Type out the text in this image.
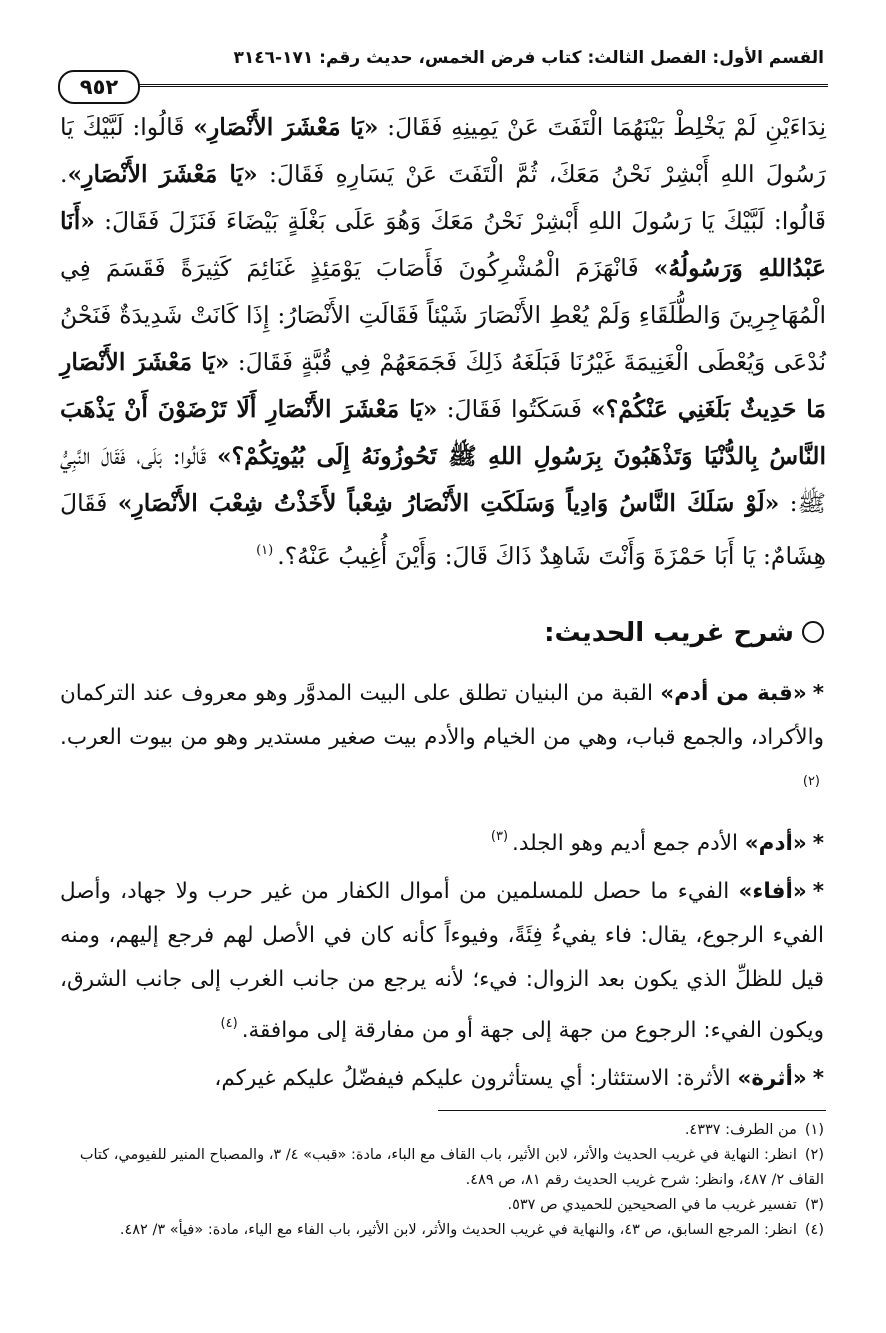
القسم الأول: الفصل الثالث: كتاب فرض الخمس، حديث رقم: ١٧١-٣١٤٦
٩٥٢

نِدَاءَيْنِ لَمْ يَخْلِطْ بَيْنَهُمَا الْتَفَتَ عَنْ يَمِينِهِ فَقَالَ: «يَا مَعْشَرَ الأَنْصَارِ» قَالُوا: لَبَّيْكَ يَا رَسُولَ اللهِ أَبْشِرْ نَحْنُ مَعَكَ، ثُمَّ الْتَفَتَ عَنْ يَسَارِهِ فَقَالَ: «يَا مَعْشَرَ الأَنْصَارِ». قَالُوا: لَبَّيْكَ يَا رَسُولَ اللهِ أَبْشِرْ نَحْنُ مَعَكَ وَهُوَ عَلَى بَغْلَةٍ بَيْضَاءَ فَنَزَلَ فَقَالَ: «أَنَا عَبْدُاللهِ وَرَسُولُهُ» فَانْهَزَمَ الْمُشْرِكُونَ فَأَصَابَ يَوْمَئِذٍ غَنَائِمَ كَثِيرَةً فَقَسَمَ فِي الْمُهَاجِرِينَ وَالطُّلَقَاءِ وَلَمْ يُعْطِ الأَنْصَارَ شَيْئاً فَقَالَتِ الأَنْصَارُ: إِذَا كَانَتْ شَدِيدَةٌ فَنَحْنُ نُدْعَى وَيُعْطَى الْغَنِيمَةَ غَيْرُنَا فَبَلَغَهُ ذَلِكَ فَجَمَعَهُمْ فِي قُبَّةٍ فَقَالَ: «يَا مَعْشَرَ الأَنْصَارِ مَا حَدِيثٌ بَلَغَنِي عَنْكُمْ؟» فَسَكَتُوا فَقَالَ: «يَا مَعْشَرَ الأَنْصَارِ أَلَا تَرْضَوْنَ أَنْ يَذْهَبَ النَّاسُ بِالدُّنْيَا وَتَذْهَبُونَ بِرَسُولِ اللهِ ﷺ تَحُوزُونَهُ إِلَى بُيُوتِكُمْ؟» قَالُوا: بَلَى، فَقَالَ النَّبِيُّ ﷺ: «لَوْ سَلَكَ النَّاسُ وَادِياً وَسَلَكَتِ الأَنْصَارُ شِعْباً لأَخَذْتُ شِعْبَ الأَنْصَارِ» فَقَالَ هِشَامٌ: يَا أَبَا حَمْزَةَ وَأَنْتَ شَاهِدٌ ذَاكَ قَالَ: وَأَيْنَ أُغِيبُ عَنْهُ؟.$^{(١)}$

شرح غريب الحديث:

*«قبة من أدم» القبة من البنيان تطلق على البيت المدوَّر وهو معروف عند التركمان والأكراد، والجمع قباب، وهي من الخيام والأدم بيت صغير مستدير وهو من بيوت العرب.$^{(٢)}$

*«أدم» الأدم جمع أديم وهو الجلد.$^{(٣)}$

*«أفاء» الفيء ما حصل للمسلمين من أموال الكفار من غير حرب ولا جهاد، وأصل الفيء الرجوع، يقال: فاء يفيءُ فِئَةً، وفيوءاً كأنه كان في الأصل لهم فرجع إليهم، ومنه قيل للظلِّ الذي يكون بعد الزوال: فيء؛ لأنه يرجع من جانب الغرب إلى جانب الشرق، ويكون الفيء: الرجوع من جهة إلى جهة أو من مفارقة إلى موافقة.$^{(٤)}$

*«أثرة» الأثرة: الاستئثار: أي يستأثرون عليكم فيفضّلُ عليكم غيركم،

(١)من الطرف: ٤٣٣٧.

(٢)انظر: النهاية في غريب الحديث والأثر، لابن الأثير، باب القاف مع الباء، مادة: «قبب» ٤/ ٣، والمصباح المنير للفيومي، كتاب القاف ٢/ ٤٨٧، وانظر: شرح غريب الحديث رقم ٨١، ص ٤٨٩.

(٣)تفسير غريب ما في الصحيحين للحميدي ص ٥٣٧.

(٤)انظر: المرجع السابق، ص ٤٣، والنهاية في غريب الحديث والأثر، لابن الأثير، باب الفاء مع الياء، مادة: «فيأ» ٣/ ٤٨٢.
